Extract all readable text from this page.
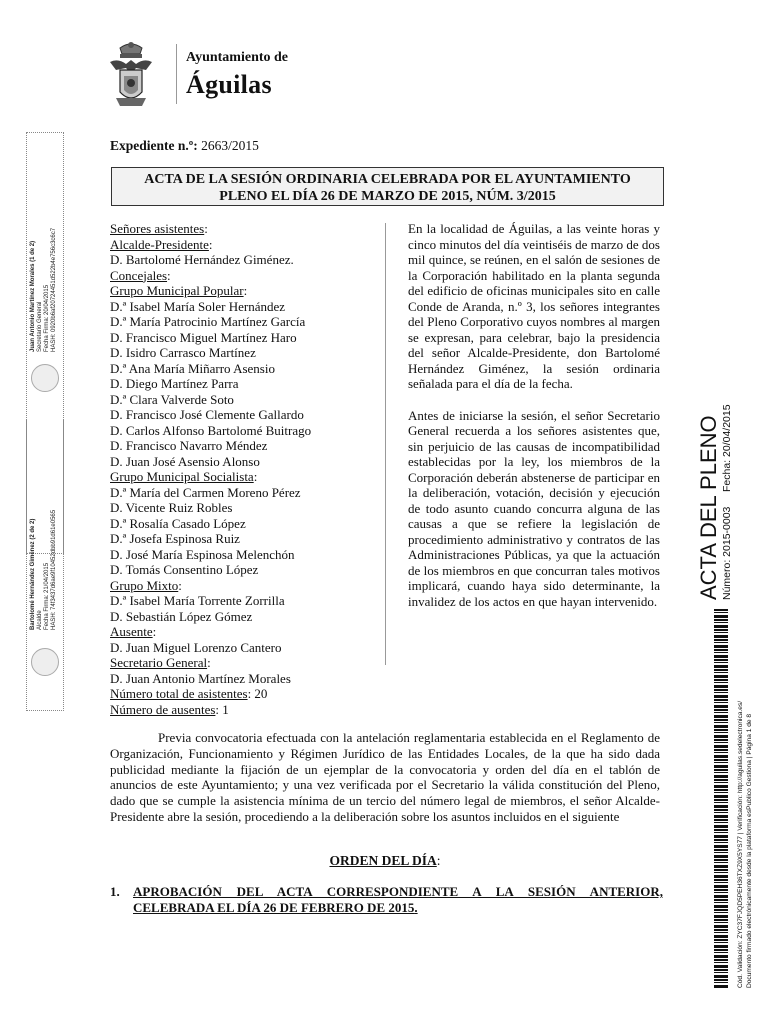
Ayuntamiento de
Águilas
Expediente n.º: 2663/2015
ACTA DE LA SESIÓN ORDINARIA CELEBRADA POR EL AYUNTAMIENTO
PLENO EL DÍA 26 DE MARZO DE 2015, NÚM. 3/2015
Señores asistentes:
Alcalde-Presidente:
D. Bartolomé Hernández Giménez.
Concejales:
Grupo Municipal Popular:
D.ª Isabel María Soler Hernández
D.ª María Patrocinio Martínez García
D. Francisco Miguel Martínez Haro
D. Isidro Carrasco Martínez
D.ª Ana María Miñarro Asensio
D. Diego Martínez Parra
D.ª Clara Valverde Soto
D. Francisco José Clemente Gallardo
D. Carlos Alfonso Bartolomé Buitrago
D. Francisco Navarro Méndez
D. Juan José Asensio Alonso
Grupo Municipal Socialista:
D.ª María del Carmen Moreno Pérez
D. Vicente Ruiz Robles
D.ª Rosalía Casado López
D.ª Josefa Espinosa Ruiz
D. José María Espinosa Melenchón
D. Tomás Consentino López
Grupo Mixto:
D.ª Isabel María Torrente Zorrilla
D. Sebastián López Gómez
Ausente:
D. Juan Miguel Lorenzo Cantero
Secretario General:
D. Juan Antonio Martínez Morales
Número total de asistentes: 20
Número de ausentes: 1

En la localidad de Águilas, a las veinte horas y cinco minutos del día veintiséis de marzo de dos mil quince, se reúnen, en el salón de sesiones de la Corporación habilitado en la planta segunda del edificio de oficinas municipales sito en calle Conde de Aranda, n.º 3, los señores integrantes del Pleno Corporativo cuyos nombres al margen se expresan, para celebrar, bajo la presidencia del señor Alcalde-Presidente, don Bartolomé Hernández Giménez, la sesión ordinaria señalada para el día de la fecha.

Antes de iniciarse la sesión, el señor Secretario General recuerda a los señores asistentes que, sin perjuicio de las causas de incompatibilidad establecidas por la ley, los miembros de la Corporación deberán abstenerse de participar en la deliberación, votación, decisión y ejecución de todo asunto cuando concurra alguna de las causas a que se refiere la legislación de procedimiento administrativo y contratos de las Administraciones Públicas, ya que la actuación de los miembros en que concurran tales motivos implicará, cuando haya sido determinante, la invalidez de los actos en que hayan intervenido.

Previa convocatoria efectuada con la antelación reglamentaria establecida en el Reglamento de Organización, Funcionamiento y Régimen Jurídico de las Entidades Locales, de la que ha sido dada publicidad mediante la fijación de un ejemplar de la convocatoria y orden del día en el tablón de anuncios de este Ayuntamiento; y una vez verificada por el Secretario la válida constitución del Pleno, dado que se cumple la asistencia mínima de un tercio del número legal de miembros, el señor Alcalde-Presidente abre la sesión, procediendo a la deliberación sobre los asuntos incluidos en el siguiente
ORDEN DEL DÍA:
1. APROBACIÓN DEL ACTA CORRESPONDIENTE A LA SESIÓN ANTERIOR,
CELEBRADA EL DÍA 26 DE FEBRERO DE 2015.
Juan Antonio Martínez Morales (1 de 2) Secretario General Fecha Firma: 20/04/2015 HASH: 0920b6af20724451d522b4e756c3c6c7
Bartolomé Hernández Giménez (2 de 2) Alcalde Fecha Firma: 21/04/2015 HASH: 74f3437d6ae9f10452dbb91d61e0565	ACTA DEL PLENO Número: 2015-0003
Fecha: 20/04/2015
Cód. Validación: ZYC37FJQD5PEH36TXZ9X5YS77 | Verificación: http://aguilas.sedelectronica.es/ Documento firmado electrónicamente desde la plataforma esPublico Gestiona | Página 1 de 8
